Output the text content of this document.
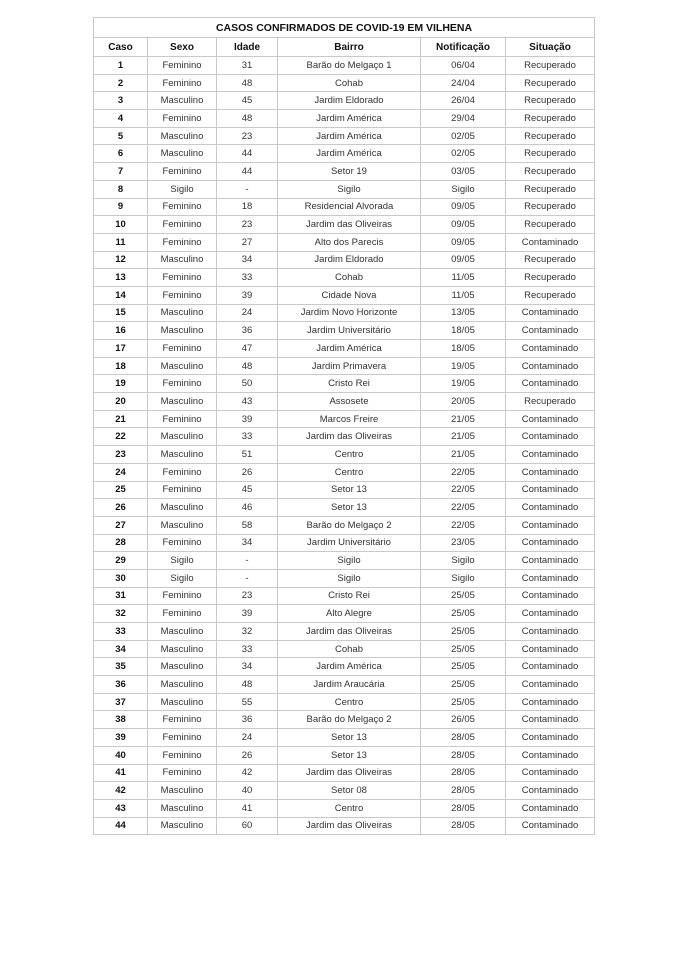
CASOS CONFIRMADOS DE COVID-19 EM VILHENA					
Caso	Sexo	Idade	Bairro	Notificação	Situação
1	Feminino	31	Barão do Melgaço 1	06/04	Recuperado
2	Feminino	48	Cohab	24/04	Recuperado
3	Masculino	45	Jardim Eldorado	26/04	Recuperado
4	Feminino	48	Jardim América	29/04	Recuperado
5	Masculino	23	Jardim América	02/05	Recuperado
6	Masculino	44	Jardim América	02/05	Recuperado
7	Feminino	44	Setor 19	03/05	Recuperado
8	Sigilo	-	Sigilo	Sigilo	Recuperado
9	Feminino	18	Residencial Alvorada	09/05	Recuperado
10	Feminino	23	Jardim das Oliveiras	09/05	Recuperado
11	Feminino	27	Alto dos Parecis	09/05	Contaminado
12	Masculino	34	Jardim Eldorado	09/05	Recuperado
13	Feminino	33	Cohab	11/05	Recuperado
14	Feminino	39	Cidade Nova	11/05	Recuperado
15	Masculino	24	Jardim Novo Horizonte	13/05	Contaminado
16	Masculino	36	Jardim Universitário	18/05	Contaminado
17	Feminino	47	Jardim América	18/05	Contaminado
18	Masculino	48	Jardim Primavera	19/05	Contaminado
19	Feminino	50	Cristo Rei	19/05	Contaminado
20	Masculino	43	Assosete	20/05	Recuperado
21	Feminino	39	Marcos Freire	21/05	Contaminado
22	Masculino	33	Jardim das Oliveiras	21/05	Contaminado
23	Masculino	51	Centro	21/05	Contaminado
24	Feminino	26	Centro	22/05	Contaminado
25	Feminino	45	Setor 13	22/05	Contaminado
26	Masculino	46	Setor 13	22/05	Contaminado
27	Masculino	58	Barão do Melgaço 2	22/05	Contaminado
28	Feminino	34	Jardim Universitário	23/05	Contaminado
29	Sigilo	-	Sigilo	Sigilo	Contaminado
30	Sigilo	-	Sigilo	Sigilo	Contaminado
31	Feminino	23	Cristo Rei	25/05	Contaminado
32	Feminino	39	Alto Alegre	25/05	Contaminado
33	Masculino	32	Jardim das Oliveiras	25/05	Contaminado
34	Masculino	33	Cohab	25/05	Contaminado
35	Masculino	34	Jardim América	25/05	Contaminado
36	Masculino	48	Jardim Araucária	25/05	Contaminado
37	Masculino	55	Centro	25/05	Contaminado
38	Feminino	36	Barão do Melgaço 2	26/05	Contaminado
39	Feminino	24	Setor 13	28/05	Contaminado
40	Feminino	26	Setor 13	28/05	Contaminado
41	Feminino	42	Jardim das Oliveiras	28/05	Contaminado
42	Masculino	40	Setor 08	28/05	Contaminado
43	Masculino	41	Centro	28/05	Contaminado
44	Masculino	60	Jardim das Oliveiras	28/05	Contaminado
